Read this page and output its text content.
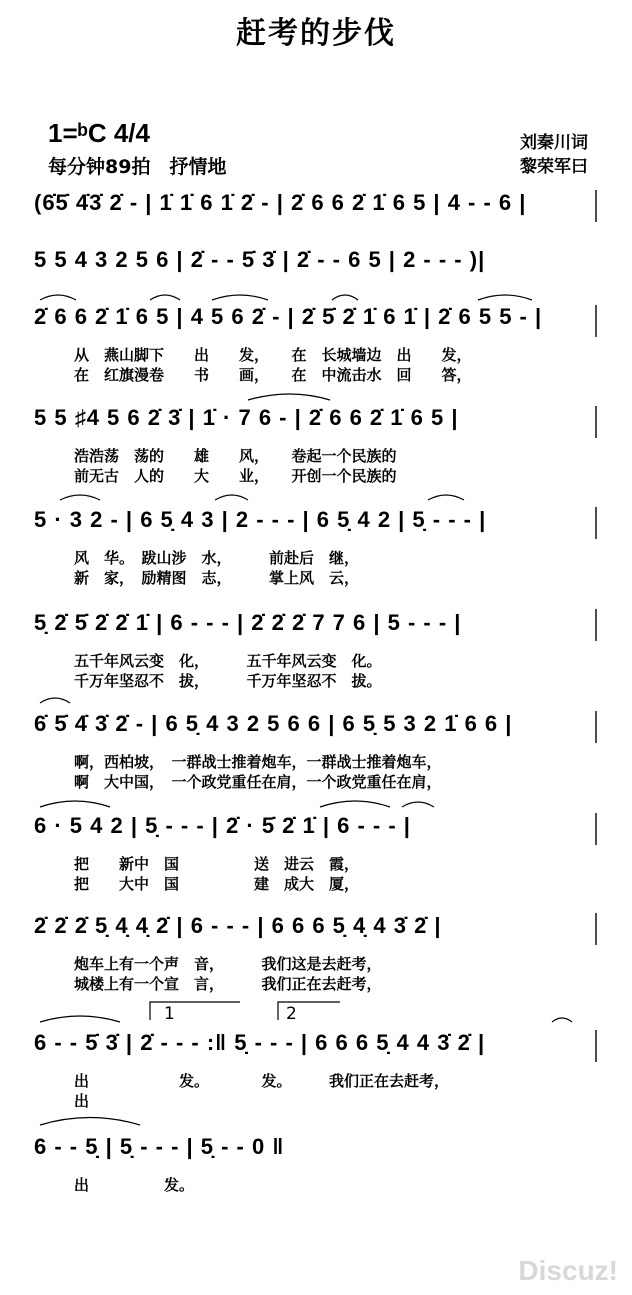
赶考的步伐
1=ᵇC 4/4
每分钟89拍　抒情地
刘秦川词
黎荣军曰
(6̇5̇ 4̇3̇ 2̇ - | 1̇ 1̇ 6 1̇ 2̇ - | 2̇ 6 6 2̇ 1̇ 6 5 | 4 - - 6 |
5 5 4 3 2 5 6 | 2̇ - - 5̇ 3̇ | 2̇ - - 6 5 | 2 - - - )|
2̇ 6 6 2̇ 1̇ 6 5 | 4 5 6 2̇ - | 2̇ 5̇ 2̇ 1̇ 6 1̇ | 2̇ 6 5 5 - |
从　燕山脚下　　出　　发，　　在　长城墙边　出　　发，
在　红旗漫卷　　书　　画，　　在　中流击水　回　　答，
5 5 ♯4 5 6 2̇ 3̇ | 1̇ · 7 6 - | 2̇ 6 6 2̇ 1̇ 6 5 |
浩浩荡　荡的　　雄　　风，　　卷起一个民族的
前无古　人的　　大　　业，　　开创一个民族的
5 · 3 2 - | 6 5̣ 4 3 | 2 - - - | 6 5̣ 4 2 | 5̣ - - - |
风　华。　跋山涉　水，　　　前赴后　继，
新　家，　励精图　志，　　　掌上风　云，
5̣ 2̇ 5̇ 2̇ 2̇ 1̇ | 6 - - - | 2̇ 2̇ 2̇ 7 7 6 | 5 - - - |
五千年风云变　化，　　　五千年风云变　化。
千万年坚忍不　拔，　　　千万年坚忍不　拔。
6̇ 5̇ 4̇ 3̇ 2̇ - | 6 5̣ 4 3 2 5 6 6 | 6 5̣ 5 3 2 1̇ 6 6 |
啊，西柏坡，　一群战士推着炮车，一群战士推着炮车，
啊　大中国，　一个政党重任在肩，一个政党重任在肩，
6 · 5 4 2 | 5̣ - - - | 2̇ · 5̇ 2̇ 1̇ | 6 - - - |
把　　新中　国　　　　　送　进云　霞，
把　　大中　国　　　　　建　成大　厦，
2̇ 2̇ 2̇ 5̣ 4̣ 4̣ 2̇ | 6 - - - | 6 6 6 5̣ 4̣ 4 3̇ 2̇ |
炮车上有一个声　音，　　　我们这是去赶考，
城楼上有一个宣　言，　　　我们正在去赶考，
1	2
6 - - 5̇ 3̇ | 2̇ - - - :‖ 5̣ - - - | 6 6 6 5̣ 4 4 3̇ 2̇ |
出　　　　　　发。　　　　发。　　　我们正在去赶考，
出
6 - - 5̣ | 5̣ - - - | 5̣ - - 0 ‖
出　　　　　发。
Discuz!
